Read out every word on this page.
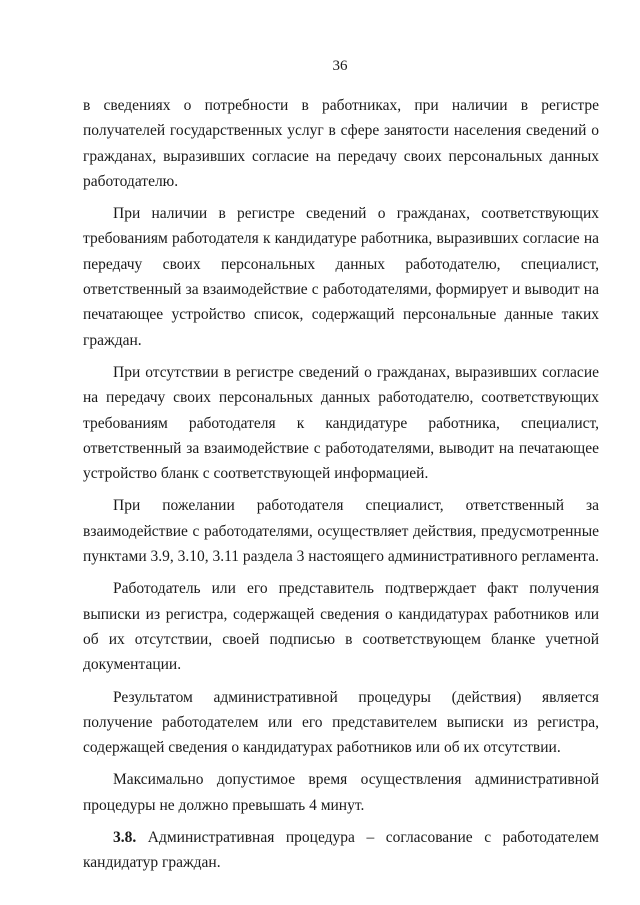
36

в сведениях о потребности в работниках, при наличии в регистре получателей государственных услуг в сфере занятости населения сведений о гражданах, выразивших согласие на передачу своих персональных данных работодателю.

При наличии в регистре сведений о гражданах, соответствующих требованиям работодателя к кандидатуре работника, выразивших согласие на передачу своих персональных данных работодателю, специалист, ответственный за взаимодействие с работодателями, формирует и выводит на печатающее устройство список, содержащий персональные данные таких граждан.

При отсутствии в регистре сведений о гражданах, выразивших согласие на передачу своих персональных данных работодателю, соответствующих требованиям работодателя к кандидатуре работника, специалист, ответственный за взаимодействие с работодателями, выводит на печатающее устройство бланк с соответствующей информацией.

При пожелании работодателя специалист, ответственный за взаимодействие с работодателями, осуществляет действия, предусмотренные пунктами 3.9, 3.10, 3.11 раздела 3 настоящего административного регламента.

Работодатель или его представитель подтверждает факт получения выписки из регистра, содержащей сведения о кандидатурах работников или об их отсутствии, своей подписью в соответствующем бланке учетной документации.

Результатом административной процедуры (действия) является получение работодателем или его представителем выписки из регистра, содержащей сведения о кандидатурах работников или об их отсутствии.

Максимально допустимое время осуществления административной процедуры не должно превышать 4 минут.

3.8. Административная процедура – согласование с работодателем кандидатур граждан.
